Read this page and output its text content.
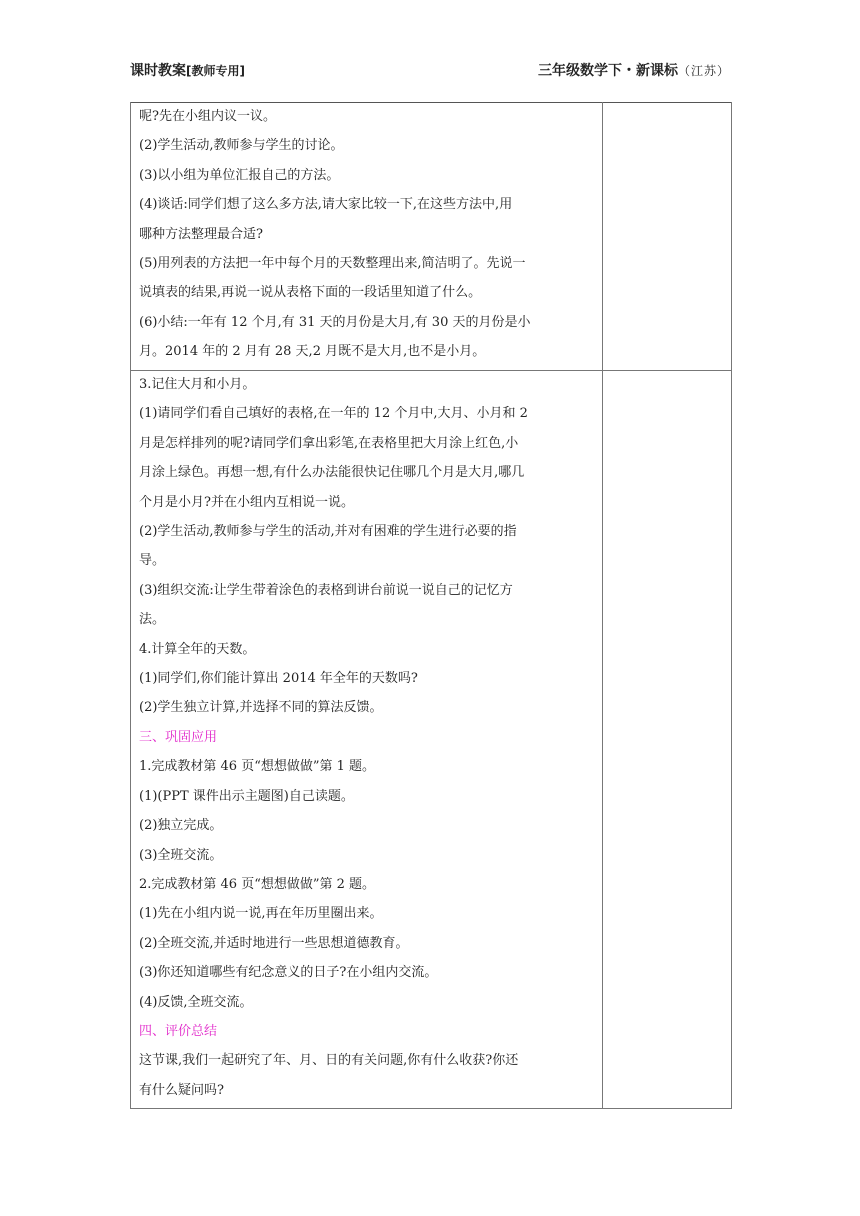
课时教案[教师专用]	三年级数学下・新课标（江苏）

呢?先在小组内议一议。

(2)学生活动,教师参与学生的讨论。

(3)以小组为单位汇报自己的方法。

(4)谈话:同学们想了这么多方法,请大家比较一下,在这些方法中,用

哪种方法整理最合适?

(5)用列表的方法把一年中每个月的天数整理出来,简洁明了。先说一

说填表的结果,再说一说从表格下面的一段话里知道了什么。

(6)小结:一年有 12 个月,有 31 天的月份是大月,有 30 天的月份是小

月。2014 年的 2 月有 28 天,2 月既不是大月,也不是小月。

3.记住大月和小月。

(1)请同学们看自己填好的表格,在一年的 12 个月中,大月、小月和 2

月是怎样排列的呢?请同学们拿出彩笔,在表格里把大月涂上红色,小

月涂上绿色。再想一想,有什么办法能很快记住哪几个月是大月,哪几

个月是小月?并在小组内互相说一说。

(2)学生活动,教师参与学生的活动,并对有困难的学生进行必要的指

导。

(3)组织交流:让学生带着涂色的表格到讲台前说一说自己的记忆方

法。

4.计算全年的天数。

(1)同学们,你们能计算出 2014 年全年的天数吗?

(2)学生独立计算,并选择不同的算法反馈。

三、巩固应用

1.完成教材第 46 页“想想做做”第 1 题。

(1)(PPT 课件出示主题图)自己读题。

(2)独立完成。

(3)全班交流。

2.完成教材第 46 页“想想做做”第 2 题。

(1)先在小组内说一说,再在年历里圈出来。

(2)全班交流,并适时地进行一些思想道德教育。

(3)你还知道哪些有纪念意义的日子?在小组内交流。

(4)反馈,全班交流。

四、评价总结

这节课,我们一起研究了年、月、日的有关问题,你有什么收获?你还

有什么疑问吗?
